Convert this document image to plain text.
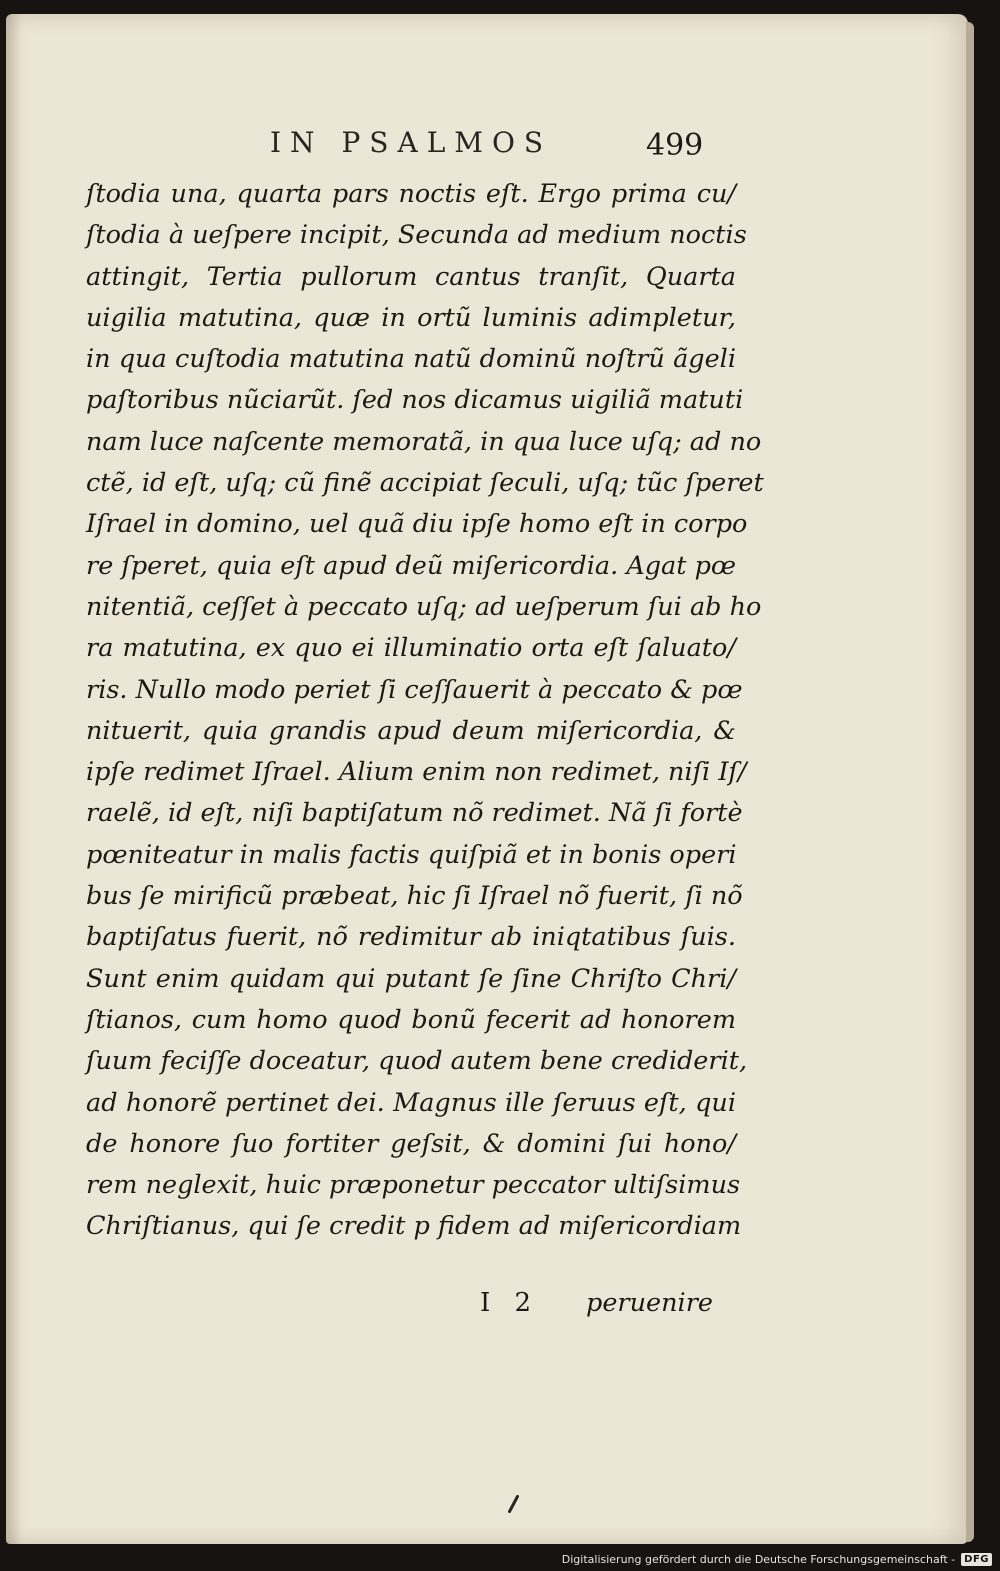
IN PSALMOS	499
ſtodia una, quarta pars noctis eſt. Ergo prima cu/
ſtodia à ueſpere incipit, Secunda ad medium noctis
attingit, Tertia pullorum cantus tranſit, Quarta
uigilia matutina, quæ in ortũ luminis adimpletur,
in qua cuſtodia matutina natũ dominũ noſtrũ ãgeli
paſtoribus nũciarũt. ſed nos dicamus uigiliã matuti
nam luce naſcente memoratã, in qua luce uſq; ad no
ctẽ, id eſt, uſq; cũ finẽ accipiat ſeculi, uſq; tũc ſperet
Iſrael in domino, uel quã diu ipſe homo eſt in corpo
re ſperet, quia eſt apud deũ miſericordia. Agat pœ
nitentiã, ceſſet à peccato uſq; ad ueſperum ſui ab ho
ra matutina, ex quo ei illuminatio orta eſt ſaluato/
ris. Nullo modo periet ſi ceſſauerit à peccato & pœ
nituerit, quia grandis apud deum miſericordia, &
ipſe redimet Iſrael. Alium enim non redimet, niſi Iſ/
raelẽ, id eſt, niſi baptiſatum nõ redimet. Nã ſi fortè
pœniteatur in malis factis quiſpiã et in bonis operi
bus ſe mirificũ præbeat, hic ſi Iſrael nõ fuerit, ſi nõ
baptiſatus fuerit, nõ redimitur ab iniqtatibus ſuis.
Sunt enim quidam qui putant ſe ſine Chriſto Chri/
ſtianos, cum homo quod bonũ fecerit ad honorem
ſuum feciſſe doceatur, quod autem bene crediderit,
ad honorẽ pertinet dei. Magnus ille ſeruus eſt, qui
de honore ſuo fortiter geſsit, & domini ſui hono/
rem neglexit, huic præponetur peccator ultiſsimus
Chriſtianus, qui ſe credit p fidem ad miſericordiam
I 2 peruenire
Digitalisierung gefördert durch die Deutsche Forschungsgemeinschaft - DFG
